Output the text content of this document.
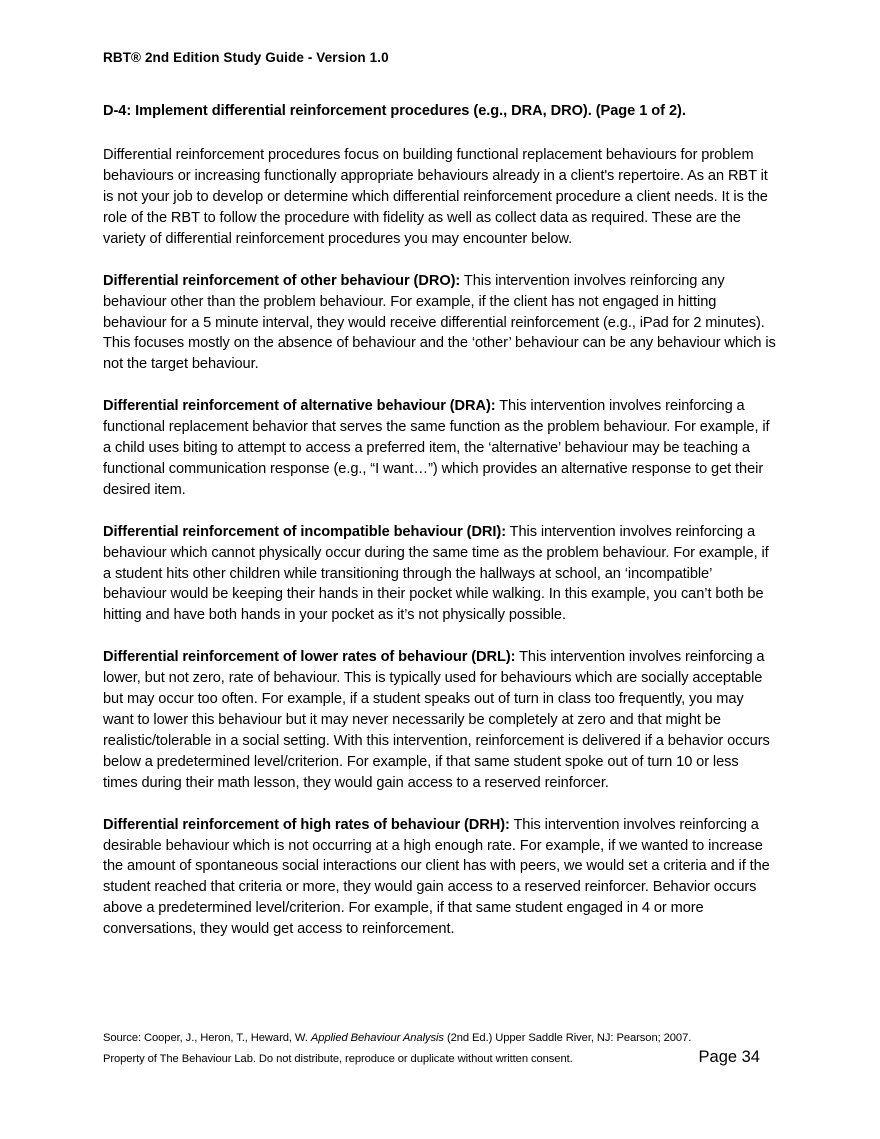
RBT® 2nd Edition Study Guide - Version 1.0
D-4: Implement differential reinforcement procedures (e.g., DRA, DRO). (Page 1 of 2).

Differential reinforcement procedures focus on building functional replacement behaviours for problem behaviours or increasing functionally appropriate behaviours already in a client's repertoire. As an RBT it is not your job to develop or determine which differential reinforcement procedure a client needs. It is the role of the RBT to follow the procedure with fidelity as well as collect data as required. These are the variety of differential reinforcement procedures you may encounter below.

Differential reinforcement of other behaviour (DRO): This intervention involves reinforcing any behaviour other than the problem behaviour. For example, if the client has not engaged in hitting behaviour for a 5 minute interval, they would receive differential reinforcement (e.g., iPad for 2 minutes). This focuses mostly on the absence of behaviour and the ‘other’ behaviour can be any behaviour which is not the target behaviour.

Differential reinforcement of alternative behaviour (DRA): This intervention involves reinforcing a functional replacement behavior that serves the same function as the problem behaviour. For example, if a child uses biting to attempt to access a preferred item, the ‘alternative’ behaviour may be teaching a functional communication response (e.g., “I want…”) which provides an alternative response to get their desired item.

Differential reinforcement of incompatible behaviour (DRI): This intervention involves reinforcing a behaviour which cannot physically occur during the same time as the problem behaviour. For example, if a student hits other children while transitioning through the hallways at school, an ‘incompatible’ behaviour would be keeping their hands in their pocket while walking. In this example, you can’t both be hitting and have both hands in your pocket as it’s not physically possible.

Differential reinforcement of lower rates of behaviour (DRL): This intervention involves reinforcing a lower, but not zero, rate of behaviour. This is typically used for behaviours which are socially acceptable but may occur too often. For example, if a student speaks out of turn in class too frequently, you may want to lower this behaviour but it may never necessarily be completely at zero and that might be realistic/tolerable in a social setting. With this intervention, reinforcement is delivered if a behavior occurs below a predetermined level/criterion. For example, if that same student spoke out of turn 10 or less times during their math lesson, they would gain access to a reserved reinforcer.

Differential reinforcement of high rates of behaviour (DRH): This intervention involves reinforcing a desirable behaviour which is not occurring at a high enough rate. For example, if we wanted to increase the amount of spontaneous social interactions our client has with peers, we would set a criteria and if the student reached that criteria or more, they would gain access to a reserved reinforcer. Behavior occurs above a predetermined level/criterion. For example, if that same student engaged in 4 or more conversations, they would get access to reinforcement.

Source: Cooper, J., Heron, T., Heward, W. Applied Behaviour Analysis (2nd Ed.) Upper Saddle River, NJ: Pearson; 2007.
Property of The Behaviour Lab. Do not distribute, reproduce or duplicate without written consent.	Page 34
